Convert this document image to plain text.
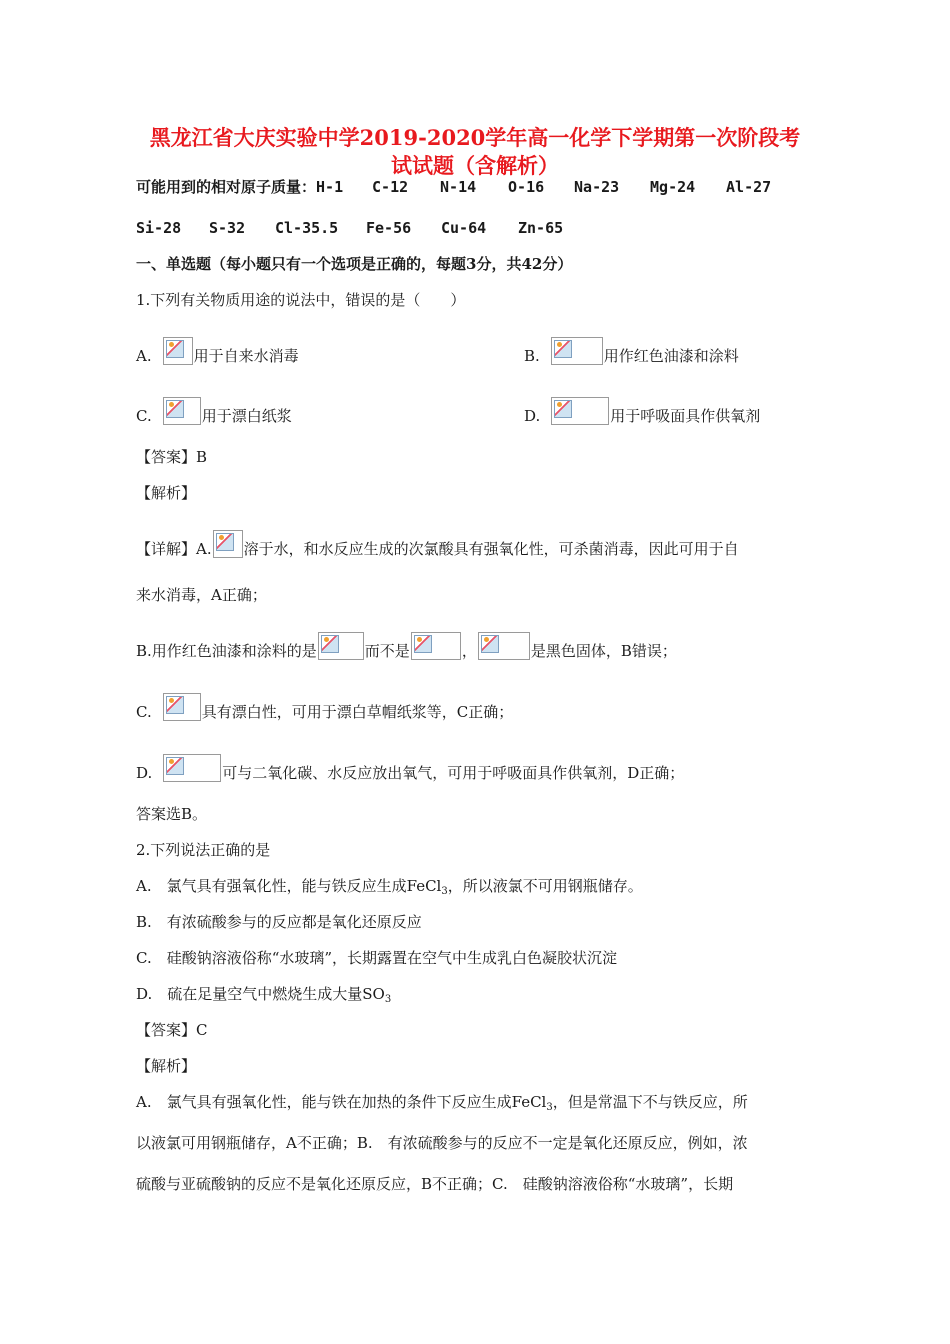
黑龙江省大庆实验中学2019-2020学年高一化学下学期第一次阶段考
试试题（含解析）
可能用到的相对原子质量：H-1 C-12 N-14 O-16 Na-23 Mg-24 Al-27
Si-28 S-32 Cl-35.5 Fe-56 Cu-64 Zn-65
一、单选题（每小题只有一个选项是正确的，每题3分，共42分）
1.下列有关物质用途的说法中，错误的是（　　）
A.	用于自来水消毒	B.	用作红色油漆和涂料
C.	用于漂白纸浆	D.	用于呼吸面具作供氧剂
【答案】B
【解析】
【详解】A. 溶于水，和水反应生成的次氯酸具有强氧化性，可杀菌消毒，因此可用于自
来水消毒，A正确；
B.用作红色油漆和涂料的是	而不是	，	是黑色固体，B错误；
C.	具有漂白性，可用于漂白草帽纸浆等，C正确；
D.	可与二氧化碳、水反应放出氧气，可用于呼吸面具作供氧剂，D正确；
答案选B。
2.下列说法正确的是
A.　氯气具有强氧化性，能与铁反应生成FeCl$_3$，所以液氯不可用钢瓶储存。
B.　有浓硫酸参与的反应都是氧化还原反应
C.　硅酸钠溶液俗称“水玻璃”，长期露置在空气中生成乳白色凝胶状沉淀
D.　硫在足量空气中燃烧生成大量$SO_3$
【答案】C
【解析】
A.　氯气具有强氧化性，能与铁在加热的条件下反应生成FeCl$_3$，但是常温下不与铁反应，所
以液氯可用钢瓶储存，A不正确；B.　有浓硫酸参与的反应不一定是氧化还原反应，例如，浓
硫酸与亚硫酸钠的反应不是氧化还原反应，B不正确；C.　硅酸钠溶液俗称“水玻璃”，长期
